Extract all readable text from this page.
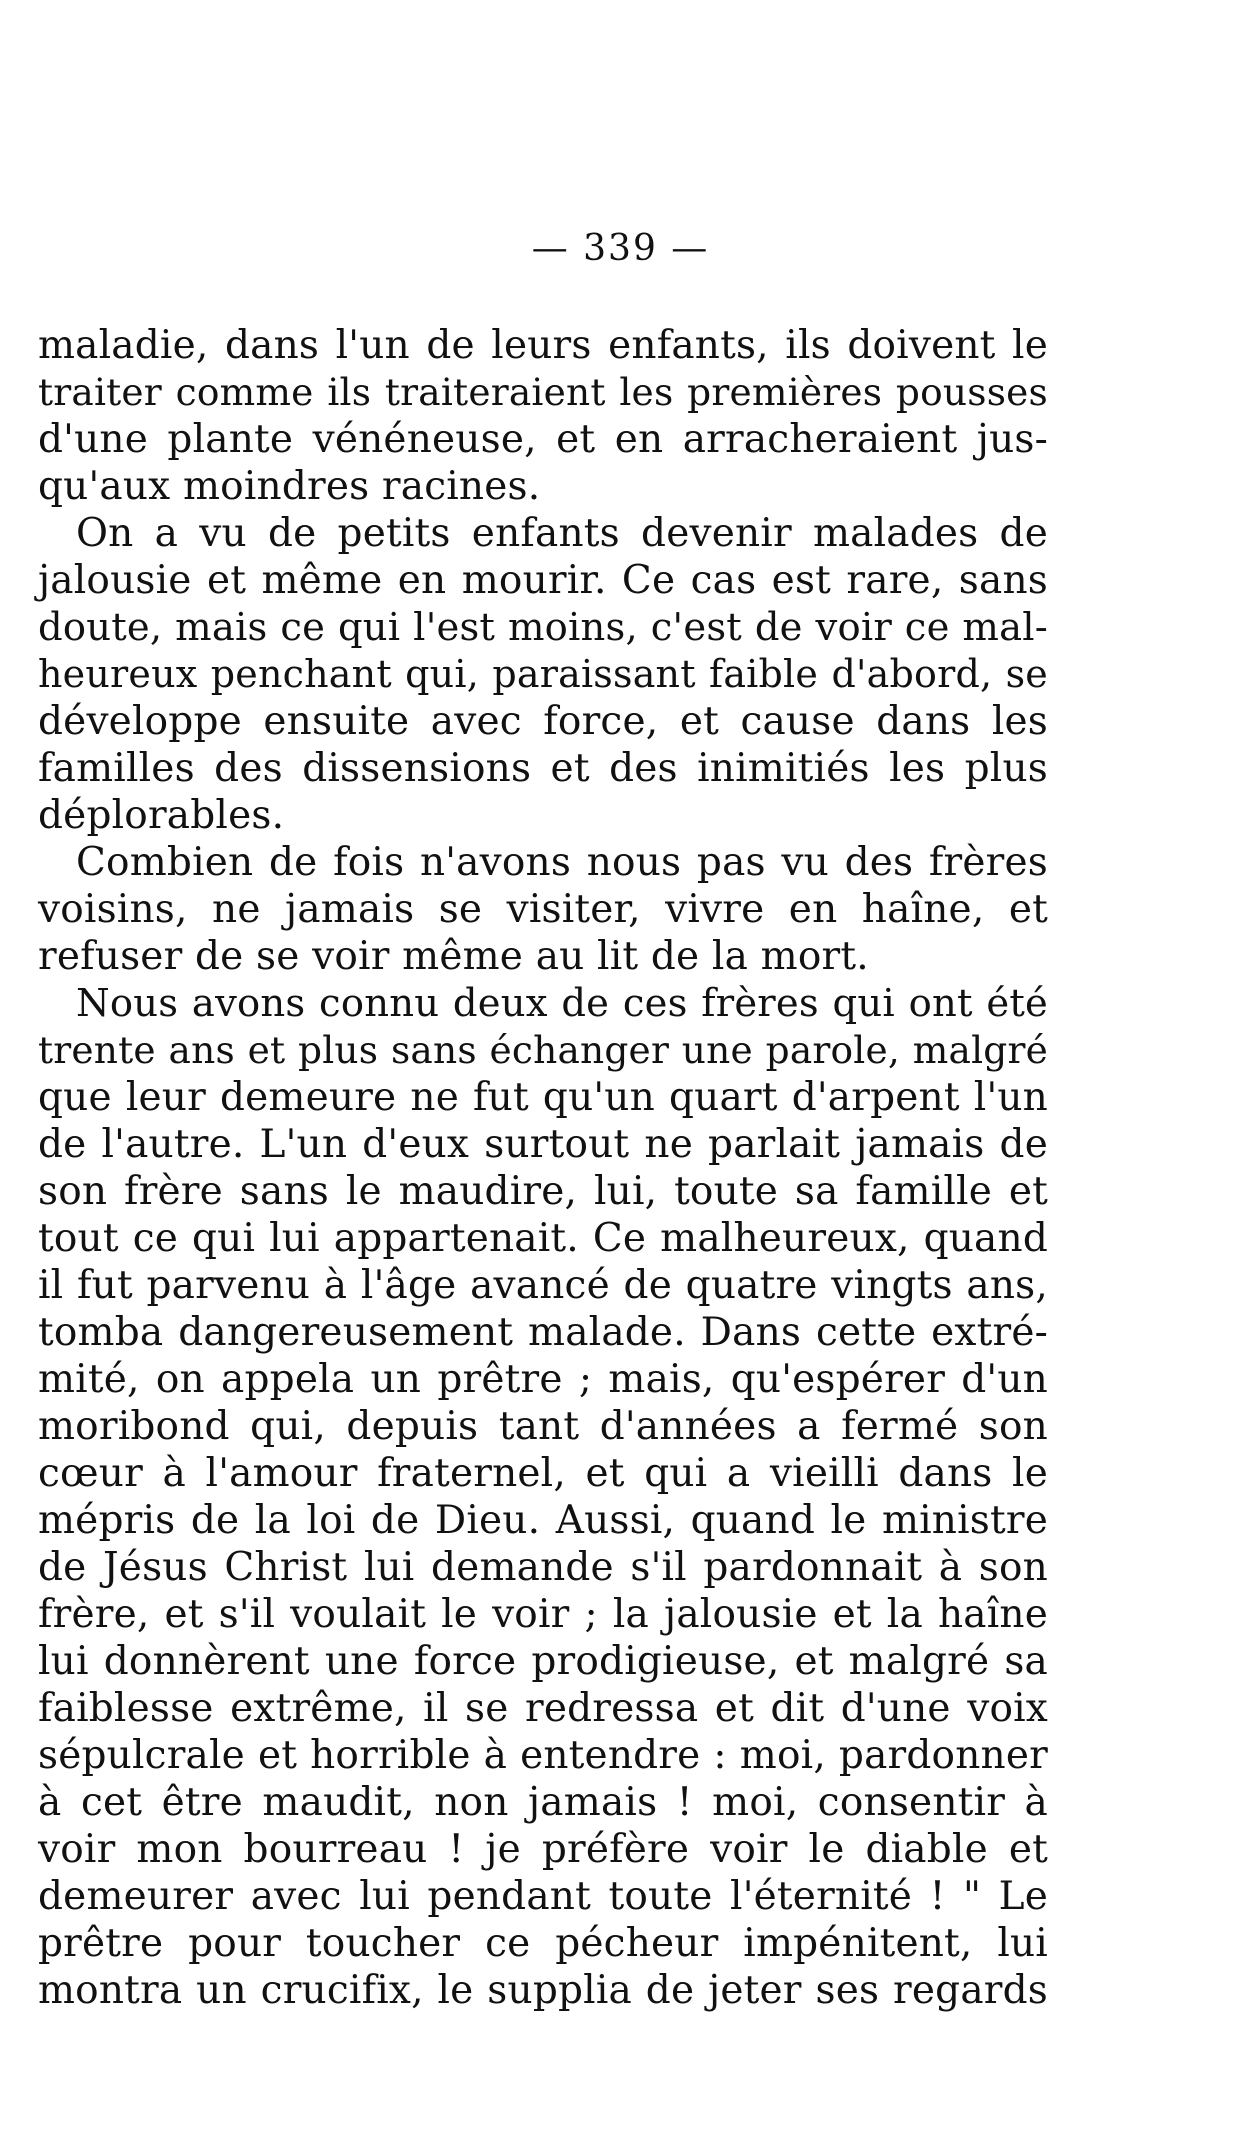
— 339 —
maladie, dans l'un de leurs enfants, ils doivent le
traiter comme ils traiteraient les premières pousses
d'une plante vénéneuse, et en arracheraient jus-
qu'aux moindres racines.
On a vu de petits enfants devenir malades de
jalousie et même en mourir. Ce cas est rare, sans
doute, mais ce qui l'est moins, c'est de voir ce mal-
heureux penchant qui, paraissant faible d'abord, se
développe ensuite avec force, et cause dans les
familles des dissensions et des inimitiés les plus
déplorables.
Combien de fois n'avons nous pas vu des frères
voisins, ne jamais se visiter, vivre en haîne, et
refuser de se voir même au lit de la mort.
Nous avons connu deux de ces frères qui ont été
trente ans et plus sans échanger une parole, malgré
que leur demeure ne fut qu'un quart d'arpent l'un
de l'autre. L'un d'eux surtout ne parlait jamais de
son frère sans le maudire, lui, toute sa famille et
tout ce qui lui appartenait. Ce malheureux, quand
il fut parvenu à l'âge avancé de quatre vingts ans,
tomba dangereusement malade. Dans cette extré-
mité, on appela un prêtre ; mais, qu'espérer d'un
moribond qui, depuis tant d'années a fermé son
cœur à l'amour fraternel, et qui a vieilli dans le
mépris de la loi de Dieu. Aussi, quand le ministre
de Jésus Christ lui demande s'il pardonnait à son
frère, et s'il voulait le voir ; la jalousie et la haîne
lui donnèrent une force prodigieuse, et malgré sa
faiblesse extrême, il se redressa et dit d'une voix
sépulcrale et horrible à entendre : moi, pardonner
à cet être maudit, non jamais ! moi, consentir à
voir mon bourreau ! je préfère voir le diable et
demeurer avec lui pendant toute l'éternité ! " Le
prêtre pour toucher ce pécheur impénitent, lui
montra un crucifix, le supplia de jeter ses regards
